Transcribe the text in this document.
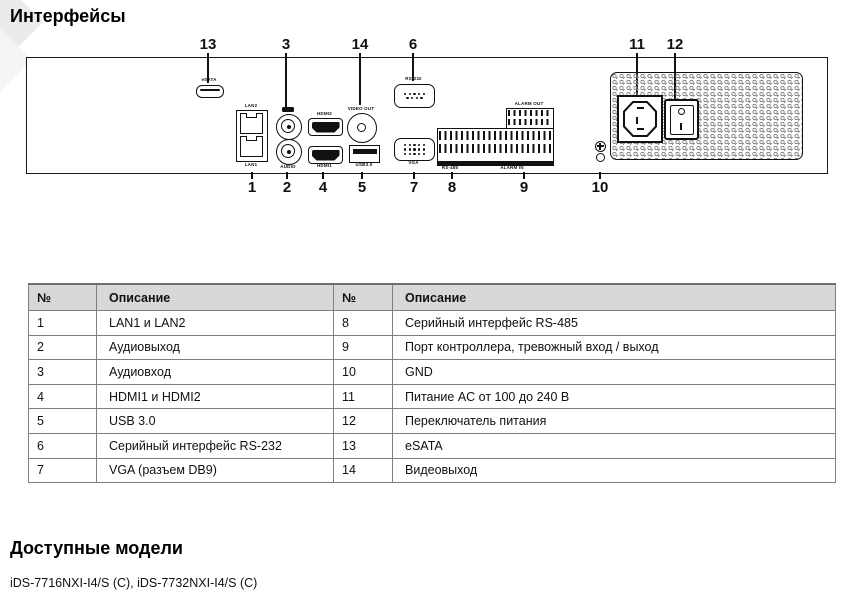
Интерфейсы
13	3	14	6	11 12
1 2 4 5	7 8	9	10
eSATA
LAN2
LAN1	AUDIO
HDMI2
HDMI1
VIDEO OUT
USB3.0
RS-232
VGA
ALARM OUT
RS-485	ALARM IN
№	Описание	№	Описание
1	LAN1 и LAN2	8	Серийный интерфейс RS-485
2	Аудиовыход	9	Порт контроллера, тревожный вход / выход
3	Аудиовход	10	GND
4	HDMI1 и HDMI2	11	Питание AC от 100 до 240 В
5	USB 3.0	12	Переключатель питания
6	Серийный интерфейс RS-232	13	eSATA
7	VGA (разъем DB9)	14	Видеовыход
Доступные модели
iDS-7716NXI-I4/S (C), iDS-7732NXI-I4/S (C)
